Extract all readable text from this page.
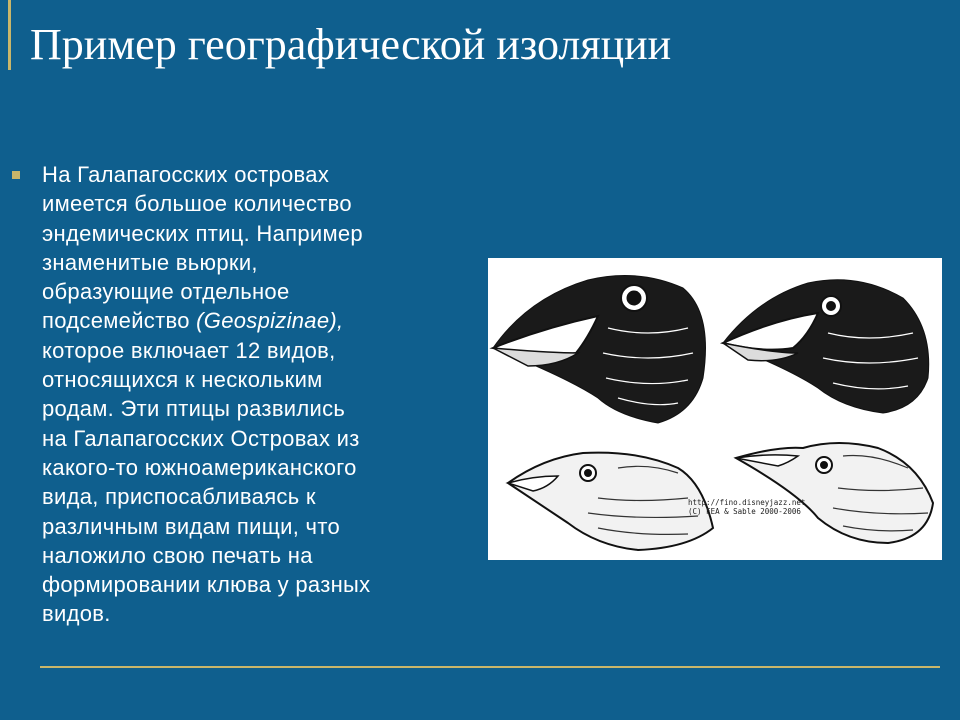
Пример географической изоляции

На Галапагосских островах

имеется большое количество

эндемических птиц. Например

знаменитые вьюрки,

образующие отдельное

подсемейство (Geospizinae),

которое включает 12 видов,

относящихся к нескольким

родам. Эти птицы развились

на Галапагосских Островах из

какого-то южноамериканского

вида, приспосабливаясь к

различным видам пищи, что

наложило свою печать на

формировании клюва у разных

видов.

http://fino.disneyjazz.net
(C) FEA & Sable 2000-2006
